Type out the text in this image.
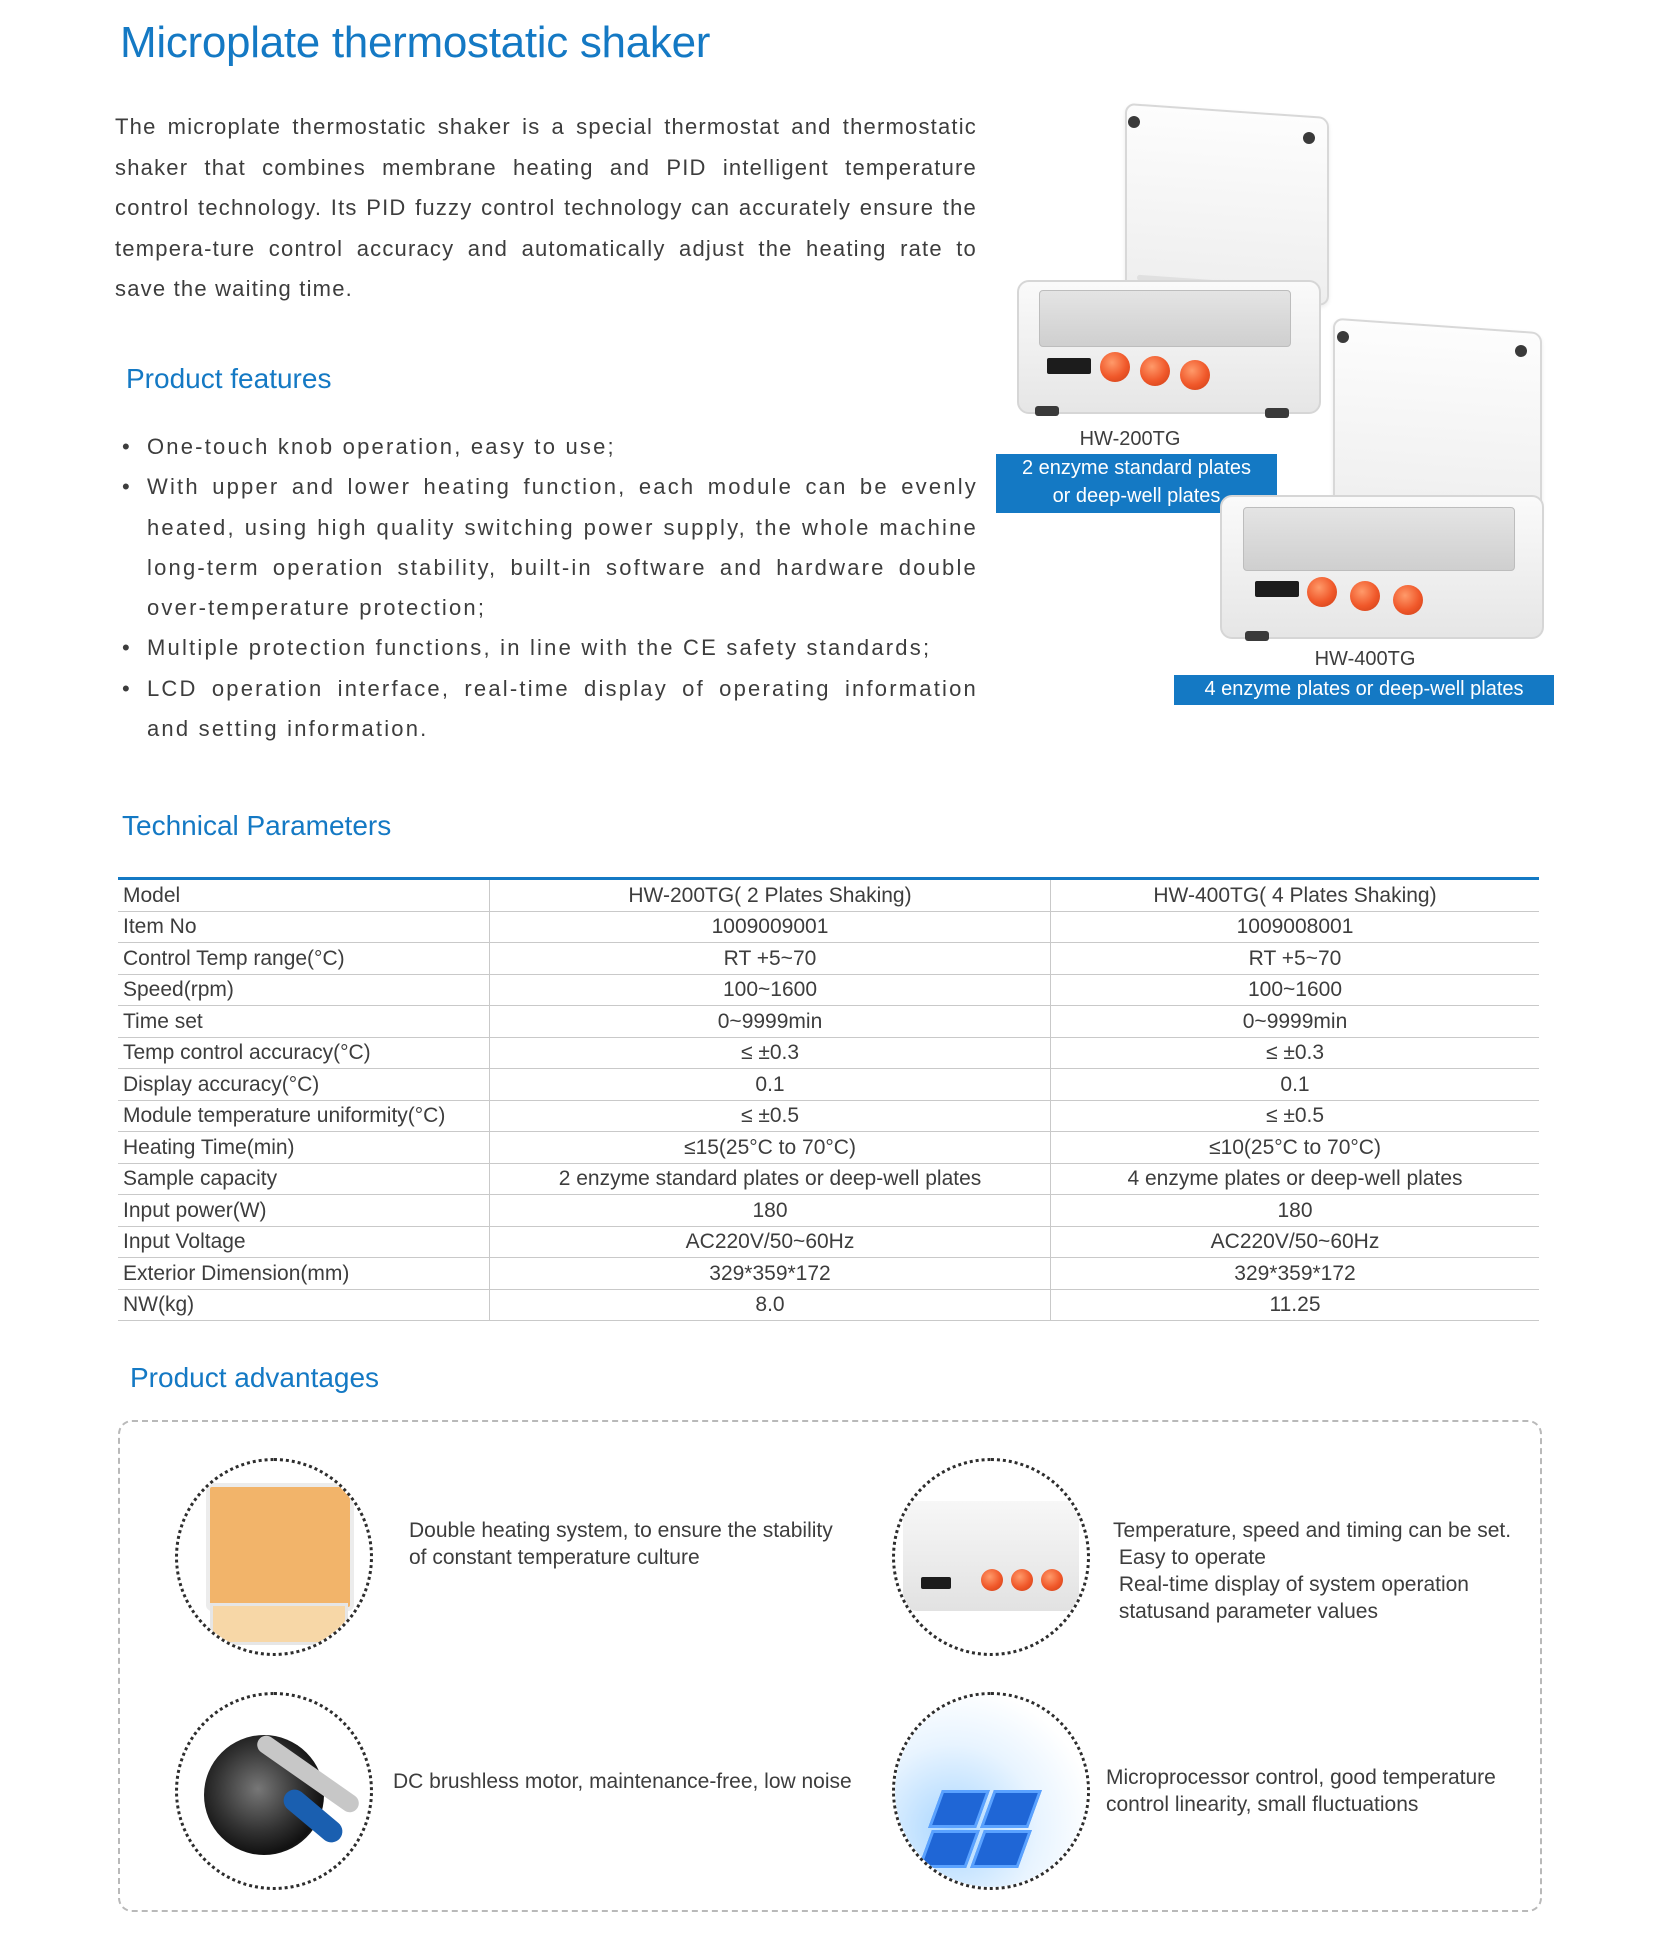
Microplate thermostatic shaker
The microplate thermostatic shaker is a special thermostat and thermostatic shaker that combines membrane heating and PID intelligent temperature control technology. Its PID fuzzy control technology can accurately ensure the tempera-ture control accuracy and automatically adjust the heating rate to save the waiting time.
Product features
• One-touch knob operation, easy to use;
• With upper and lower heating function, each module can be evenly heated, using high quality switching power supply, the whole machine long-term operation stability, built-in software and hardware double over-temperature protection;
• Multiple protection functions, in line with the CE safety standards;
• LCD operation interface, real-time display of operating information and setting information.
HW-200TG
2 enzyme standard plates
or deep-well plates
HW-400TG
4 enzyme plates or deep-well plates
Technical Parameters
Model	HW-200TG( 2 Plates Shaking)	HW-400TG( 4 Plates Shaking)
Item No	1009009001	1009008001
Control Temp range(°C)	RT +5~70	RT +5~70
Speed(rpm)	100~1600	100~1600
Time set	0~9999min	0~9999min
Temp control accuracy(°C)	≤ ±0.3	≤ ±0.3
Display accuracy(°C)	0.1	0.1
Module temperature uniformity(°C)	≤ ±0.5	≤ ±0.5
Heating Time(min)	≤15(25°C to 70°C)	≤10(25°C to 70°C)
Sample capacity	2 enzyme standard plates or deep-well plates	4 enzyme plates or deep-well plates
Input power(W)	180	180
Input Voltage	AC220V/50~60Hz	AC220V/50~60Hz
Exterior Dimension(mm)	329*359*172	329*359*172
NW(kg)	8.0	11.25
Product advantages
Double heating system, to ensure the stability
of constant temperature culture
Temperature, speed and timing can be set.
Easy to operate
Real-time display of system operation
statusand parameter values
DC brushless motor, maintenance-free, low noise	Microprocessor control, good temperature
control linearity, small fluctuations
